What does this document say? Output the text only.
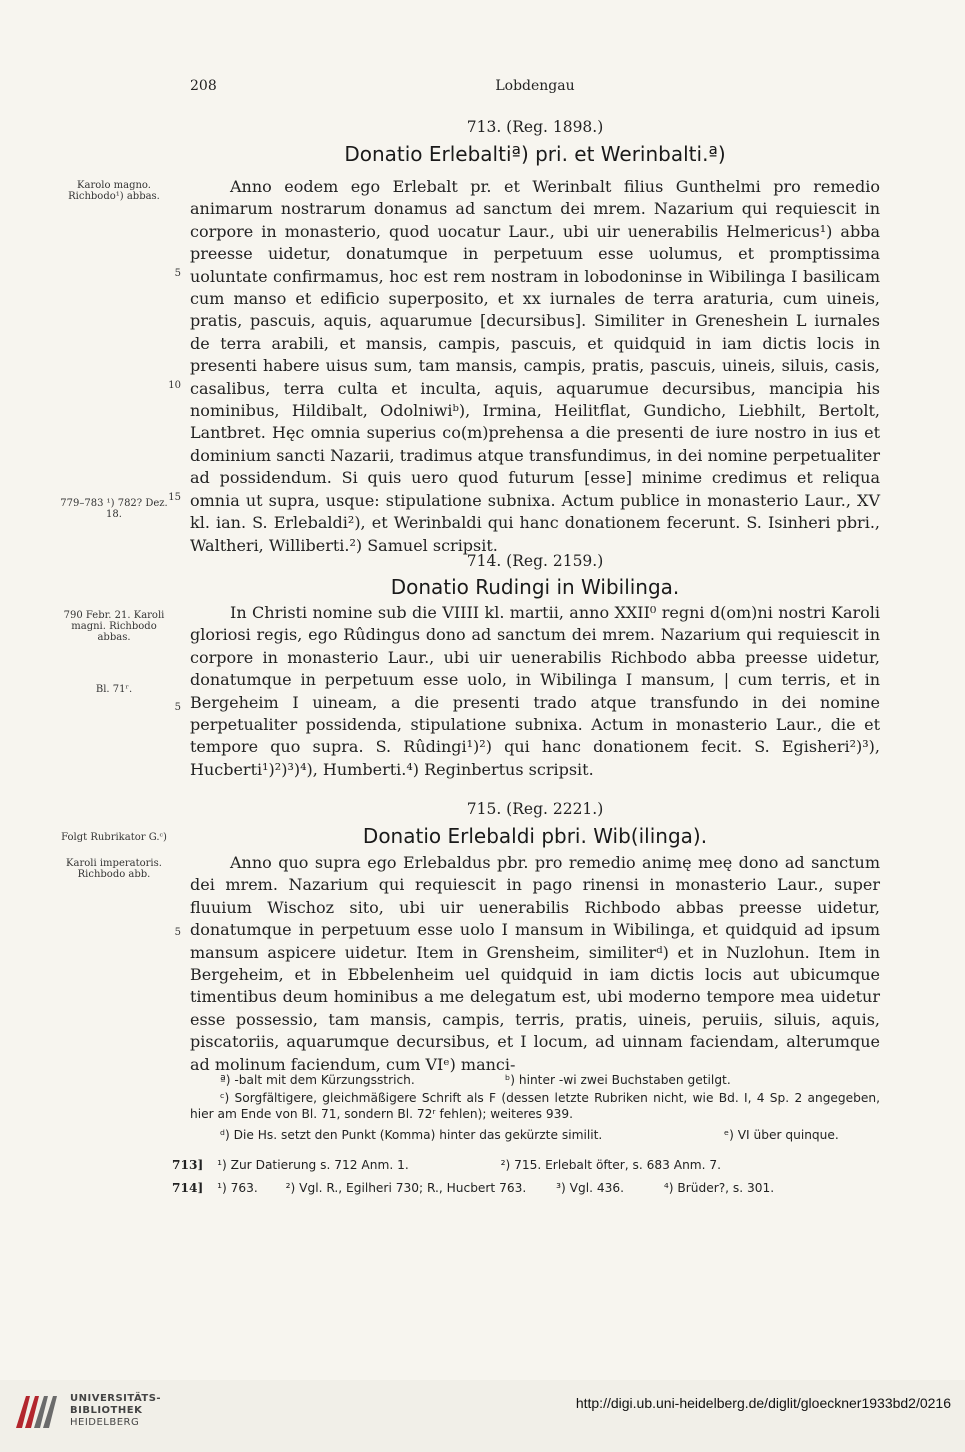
208	Lobdengau
713. (Reg. 1898.)
Donatio Erlebaltiª) pri. et Werinbalti.ª)
Karolo magno. Richbodo¹) abbas.
779–783 ¹) 782? Dez. 18.
5
10
15
Anno eodem ego Erlebalt pr. et Werinbalt filius Gunthelmi pro remedio animarum nostrarum donamus ad sanctum dei mrem. Nazarium qui requiescit in corpore in monasterio, quod uocatur Laur., ubi uir uenerabilis Helmericus¹) abba preesse uidetur, donatumque in perpetuum esse uolumus, et promptissima uoluntate confirmamus, hoc est rem nostram in lobodoninse in Wibilinga I basilicam cum manso et edificio superposito, et xx iurnales de terra araturia, cum uineis, pratis, pascuis, aquis, aquarumue [decursibus]. Similiter in Greneshein L iurnales de terra arabili, et mansis, campis, pascuis, et quidquid in iam dictis locis in presenti habere uisus sum, tam mansis, campis, pratis, pascuis, uineis, siluis, casis, casalibus, terra culta et inculta, aquis, aquarumue decursibus, mancipia his nominibus, Hildibalt, Odolniwiᵇ), Irmina, Heilitflat, Gundicho, Liebhilt, Bertolt, Lantbret. Hęc omnia superius co(m)prehensa a die presenti de iure nostro in ius et dominium sancti Nazarii, tradimus atque transfundimus, in dei nomine perpetualiter ad possidendum. Si quis uero quod futurum [esse] minime credimus et reliqua omnia ut supra, usque: stipulatione subnixa. Actum publice in monasterio Laur., XV kl. ian. S. Erlebaldi²), et Werinbaldi qui hanc donationem fecerunt. S. Isinheri pbri., Waltheri, Williberti.²) Samuel scripsit.
714. (Reg. 2159.)
Donatio Rudingi in Wibilinga.
790 Febr. 21. Karoli magni. Richbodo abbas.
Bl. 71ʳ.
5
In Christi nomine sub die VIIII kl. martii, anno XXII⁰ regni d(om)ni nostri Karoli gloriosi regis, ego Rûdingus dono ad sanctum dei mrem. Nazarium qui requiescit in corpore in monasterio Laur., ubi uir uenerabilis Richbodo abba preesse uidetur, donatumque in perpetuum esse uolo, in Wibilinga I mansum, | cum terris, et in Bergeheim I uineam, a die presenti trado atque transfundo in dei nomine perpetualiter possidenda, stipulatione subnixa. Actum in monasterio Laur., die et tempore quo supra. S. Rûdingi¹)²) qui hanc donationem fecit. S. Egisheri²)³), Hucberti¹)²)³)⁴), Humberti.⁴) Reginbertus scripsit.
715. (Reg. 2221.)
Donatio Erlebaldi pbri. Wib(ilinga).
Folgt Rubrikator G.ᶜ)
Karoli imperatoris. Richbodo abb.
5
Anno quo supra ego Erlebaldus pbr. pro remedio animę meę dono ad sanctum dei mrem. Nazarium qui requiescit in pago rinensi in monasterio Laur., super fluuium Wischoz sito, ubi uir uenerabilis Richbodo abbas preesse uidetur, donatumque in perpetuum esse uolo I mansum in Wibilinga, et quidquid ad ipsum mansum aspicere uidetur. Item in Grensheim, similiterᵈ) et in Nuzlohun. Item in Bergeheim, et in Ebbelenheim uel quidquid in iam dictis locis aut ubicumque timentibus deum hominibus a me delegatum est, ubi moderno tempore mea uidetur esse possessio, tam mansis, campis, terris, pratis, uineis, peruiis, siluis, aquis, piscatoriis, aquarumque decursibus, et I locum, ad uinnam faciendam, alterumque ad molinum faciendum, cum VIᵉ) manci-
ª) -balt mit dem Kürzungsstrich.	ᵇ) hinter -wi zwei Buchstaben getilgt.
ᶜ) Sorgfältigere, gleichmäßigere Schrift als F (dessen letzte Rubriken nicht, wie Bd. I, 4 Sp. 2 angegeben, hier am Ende von Bl. 71, sondern Bl. 72ʳ fehlen); weiteres 939.
ᵈ) Die Hs. setzt den Punkt (Komma) hinter das gekürzte similit.	ᵉ) VI über quinque.
713] ¹) Zur Datierung s. 712 Anm. 1.	²) 715. Erlebalt öfter, s. 683 Anm. 7.
714] ¹) 763. ²) Vgl. R., Egilheri 730; R., Hucbert 763. ³) Vgl. 436.	⁴) Brüder?, s. 301.
UNIVERSITÄTS-
BIBLIOTHEK
HEIDELBERG
http://digi.ub.uni-heidelberg.de/diglit/gloeckner1933bd2/0216
